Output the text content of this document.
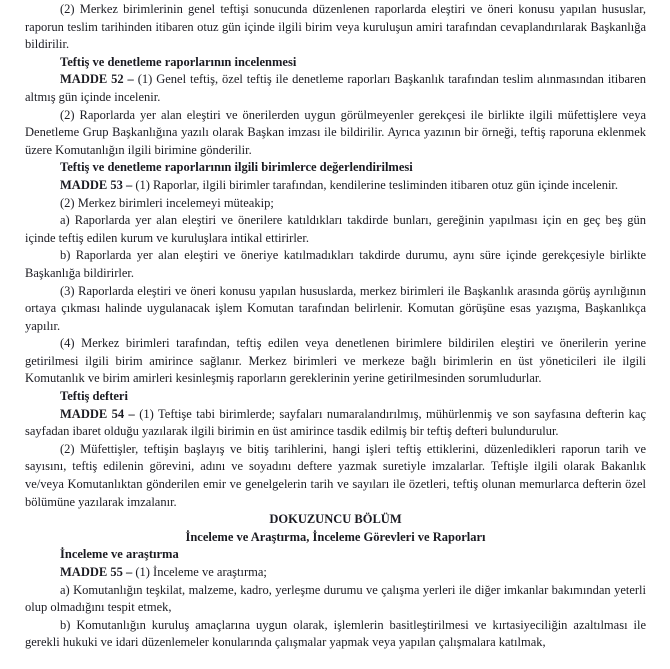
(2) Merkez birimlerinin genel teftişi sonucunda düzenlenen raporlarda eleştiri ve öneri konusu yapılan hususlar, raporun teslim tarihinden itibaren otuz gün içinde ilgili birim veya kuruluşun amiri tarafından cevaplandırılarak Başkanlığa bildirilir.

Teftiş ve denetleme raporlarının incelenmesi

MADDE 52 – (1) Genel teftiş, özel teftiş ile denetleme raporları Başkanlık tarafından teslim alınmasından itibaren altmış gün içinde incelenir.

(2) Raporlarda yer alan eleştiri ve önerilerden uygun görülmeyenler gerekçesi ile birlikte ilgili müfettişlere veya Denetleme Grup Başkanlığına yazılı olarak Başkan imzası ile bildirilir. Ayrıca yazının bir örneği, teftiş raporuna eklenmek üzere Komutanlığın ilgili birimine gönderilir.

Teftiş ve denetleme raporlarının ilgili birimlerce değerlendirilmesi

MADDE 53 – (1) Raporlar, ilgili birimler tarafından, kendilerine tesliminden itibaren otuz gün içinde incelenir.

(2) Merkez birimleri incelemeyi müteakip;

a) Raporlarda yer alan eleştiri ve önerilere katıldıkları takdirde bunları, gereğinin yapılması için en geç beş gün içinde teftiş edilen kurum ve kuruluşlara intikal ettirirler.

b) Raporlarda yer alan eleştiri ve öneriye katılmadıkları takdirde durumu, aynı süre içinde gerekçesiyle birlikte Başkanlığa bildirirler.

(3) Raporlarda eleştiri ve öneri konusu yapılan hususlarda, merkez birimleri ile Başkanlık arasında görüş ayrılığının ortaya çıkması halinde uygulanacak işlem Komutan tarafından belirlenir. Komutan görüşüne esas yazışma, Başkanlıkça yapılır.

(4) Merkez birimleri tarafından, teftiş edilen veya denetlenen birimlere bildirilen eleştiri ve önerilerin yerine getirilmesi ilgili birim amirince sağlanır. Merkez birimleri ve merkeze bağlı birimlerin en üst yöneticileri ile ilgili Komutanlık ve birim amirleri kesinleşmiş raporların gereklerinin yerine getirilmesinden sorumludurlar.

Teftiş defteri

MADDE 54 – (1) Teftişe tabi birimlerde; sayfaları numaralandırılmış, mühürlenmiş ve son sayfasına defterin kaç sayfadan ibaret olduğu yazılarak ilgili birimin en üst amirince tasdik edilmiş bir teftiş defteri bulundurulur.

(2) Müfettişler, teftişin başlayış ve bitiş tarihlerini, hangi işleri teftiş ettiklerini, düzenledikleri raporun tarih ve sayısını, teftiş edilenin görevini, adını ve soyadını deftere yazmak suretiyle imzalarlar. Teftişle ilgili olarak Bakanlık ve/veya Komutanlıktan gönderilen emir ve genelgelerin tarih ve sayıları ile özetleri, teftiş olunan memurlarca defterin özel bölümüne yazılarak imzalanır.

DOKUZUNCU BÖLÜM

İnceleme ve Araştırma, İnceleme Görevleri ve Raporları

İnceleme ve araştırma

MADDE 55 – (1) İnceleme ve araştırma;

a) Komutanlığın teşkilat, malzeme, kadro, yerleşme durumu ve çalışma yerleri ile diğer imkanlar bakımından yeterli olup olmadığını tespit etmek,

b) Komutanlığın kuruluş amaçlarına uygun olarak, işlemlerin basitleştirilmesi ve kırtasiyeciliğin azaltılması ile gerekli hukuki ve idari düzenlemeler konularında çalışmalar yapmak veya yapılan çalışmalara katılmak,
